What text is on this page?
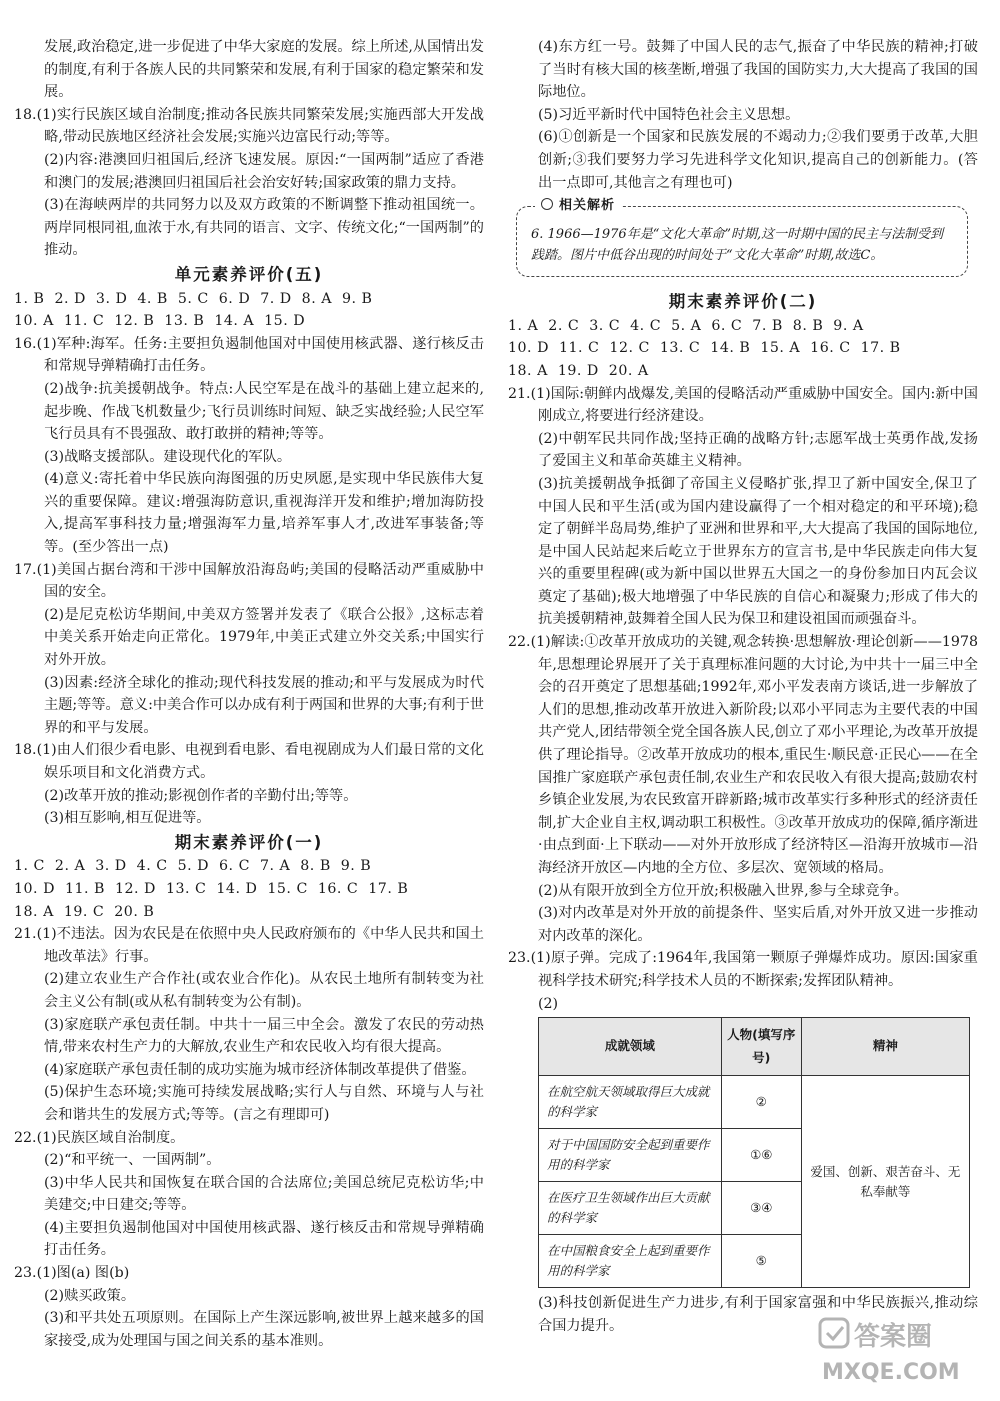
发展,政治稳定,进一步促进了中华大家庭的发展。综上所述,从国情出发的制度,有利于各族人民的共同繁荣和发展,有利于国家的稳定繁荣和发展。

18.(1)实行民族区域自治制度;推动各民族共同繁荣发展;实施西部大开发战略,带动民族地区经济社会发展;实施兴边富民行动;等等。

(2)内容:港澳回归祖国后,经济飞速发展。原因:“一国两制”适应了香港和澳门的发展;港澳回归祖国后社会治安好转;国家政策的鼎力支持。

(3)在海峡两岸的共同努力以及双方政策的不断调整下推动祖国统一。两岸同根同祖,血浓于水,有共同的语言、文字、传统文化;“一国两制”的推动。

单元素养评价(五)
1. B  2. D  3. D  4. B  5. C  6. D  7. D  8. A  9. B
10. A  11. C  12. B  13. B  14. A  15. D

16.(1)军种:海军。任务:主要担负遏制他国对中国使用核武器、遂行核反击和常规导弹精确打击任务。

(2)战争:抗美援朝战争。特点:人民空军是在战斗的基础上建立起来的,起步晚、作战飞机数量少;飞行员训练时间短、缺乏实战经验;人民空军飞行员具有不畏强敌、敢打敢拼的精神;等等。

(3)战略支援部队。建设现代化的军队。

(4)意义:寄托着中华民族向海图强的历史夙愿,是实现中华民族伟大复兴的重要保障。建议:增强海防意识,重视海洋开发和维护;增加海防投入,提高军事科技力量;增强海军力量,培养军事人才,改进军事装备;等等。(至少答出一点)

17.(1)美国占据台湾和干涉中国解放沿海岛屿;美国的侵略活动严重威胁中国的安全。

(2)是尼克松访华期间,中美双方签署并发表了《联合公报》,这标志着中美关系开始走向正常化。1979年,中美正式建立外交关系;中国实行对外开放。

(3)因素:经济全球化的推动;现代科技发展的推动;和平与发展成为时代主题;等等。意义:中美合作可以办成有利于两国和世界的大事;有利于世界的和平与发展。

18.(1)由人们很少看电影、电视到看电影、看电视剧成为人们最日常的文化娱乐项目和文化消费方式。

(2)改革开放的推动;影视创作者的辛勤付出;等等。

(3)相互影响,相互促进等。

期末素养评价(一)
1. C  2. A  3. D  4. C  5. D  6. C  7. A  8. B  9. B
10. D  11. B  12. D  13. C  14. D  15. C  16. C  17. B
18. A  19. C  20. B

21.(1)不违法。因为农民是在依照中央人民政府颁布的《中华人民共和国土地改革法》行事。

(2)建立农业生产合作社(或农业合作化)。从农民土地所有制转变为社会主义公有制(或从私有制转变为公有制)。

(3)家庭联产承包责任制。中共十一届三中全会。激发了农民的劳动热情,带来农村生产力的大解放,农业生产和农民收入均有很大提高。

(4)家庭联产承包责任制的成功实施为城市经济体制改革提供了借鉴。

(5)保护生态环境;实施可持续发展战略;实行人与自然、环境与人与社会和谐共生的发展方式;等等。(言之有理即可)

22.(1)民族区域自治制度。

(2)“和平统一、一国两制”。

(3)中华人民共和国恢复在联合国的合法席位;美国总统尼克松访华;中美建交;中日建交;等等。

(4)主要担负遏制他国对中国使用核武器、遂行核反击和常规导弹精确打击任务。

23.(1)图(a) 图(b)

(2)赎买政策。

(3)和平共处五项原则。在国际上产生深远影响,被世界上越来越多的国家接受,成为处理国与国之间关系的基本准则。

(4)东方红一号。鼓舞了中国人民的志气,振奋了中华民族的精神;打破了当时有核大国的核垄断,增强了我国的国防实力,大大提高了我国的国际地位。

(5)习近平新时代中国特色社会主义思想。

(6)①创新是一个国家和民族发展的不竭动力;②我们要勇于改革,大胆创新;③我们要努力学习先进科学文化知识,提高自己的创新能力。(答出一点即可,其他言之有理也可)

相关解析
6. 1966—1976年是“文化大革命”时期,这一时期中国的民主与法制受到践踏。图片中低谷出现的时间处于“文化大革命”时期,故选C。
期末素养评价(二)
1. A  2. C  3. C  4. C  5. A  6. C  7. B  8. B  9. A
10. D  11. C  12. C  13. C  14. B  15. A  16. C  17. B
18. A  19. D  20. A

21.(1)国际:朝鲜内战爆发,美国的侵略活动严重威胁中国安全。国内:新中国刚成立,将要进行经济建设。

(2)中朝军民共同作战;坚持正确的战略方针;志愿军战士英勇作战,发扬了爱国主义和革命英雄主义精神。

(3)抗美援朝战争抵御了帝国主义侵略扩张,捍卫了新中国安全,保卫了中国人民和平生活(或为国内建设赢得了一个相对稳定的和平环境);稳定了朝鲜半岛局势,维护了亚洲和世界和平,大大提高了我国的国际地位,是中国人民站起来后屹立于世界东方的宣言书,是中华民族走向伟大复兴的重要里程碑(或为新中国以世界五大国之一的身份参加日内瓦会议奠定了基础);极大地增强了中华民族的自信心和凝聚力;形成了伟大的抗美援朝精神,鼓舞着全国人民为保卫和建设祖国而顽强奋斗。

22.(1)解读:①改革开放成功的关键,观念转换·思想解放·理论创新——1978年,思想理论界展开了关于真理标准问题的大讨论,为中共十一届三中全会的召开奠定了思想基础;1992年,邓小平发表南方谈话,进一步解放了人们的思想,推动改革开放进入新阶段;以邓小平同志为主要代表的中国共产党人,团结带领全党全国各族人民,创立了邓小平理论,为改革开放提供了理论指导。②改革开放成功的根本,重民生·顺民意·正民心——在全国推广家庭联产承包责任制,农业生产和农民收入有很大提高;鼓励农村乡镇企业发展,为农民致富开辟新路;城市改革实行多种形式的经济责任制,扩大企业自主权,调动职工积极性。③改革开放成功的保障,循序渐进·由点到面·上下联动——对外开放形成了经济特区—沿海开放城市—沿海经济开放区—内地的全方位、多层次、宽领域的格局。

(2)从有限开放到全方位开放;积极融入世界,参与全球竞争。

(3)对内改革是对外开放的前提条件、坚实后盾,对外开放又进一步推动对内改革的深化。

23.(1)原子弹。完成了:1964年,我国第一颗原子弹爆炸成功。原因:国家重视科学技术研究;科学技术人员的不断探索;发挥团队精神。

(2)

成就领域	人物(填写序号)	精神
在航空航天领域取得巨大成就的科学家	②	爱国、创新、艰苦奋斗、无私奉献等
对于中国国防安全起到重要作用的科学家	①⑥	
在医疗卫生领域作出巨大贡献的科学家	③④	
在中国粮食安全上起到重要作用的科学家	⑤	

(3)科技创新促进生产力进步,有利于国家富强和中华民族振兴,推动综合国力提升。	答案圈
MXQE.COM
